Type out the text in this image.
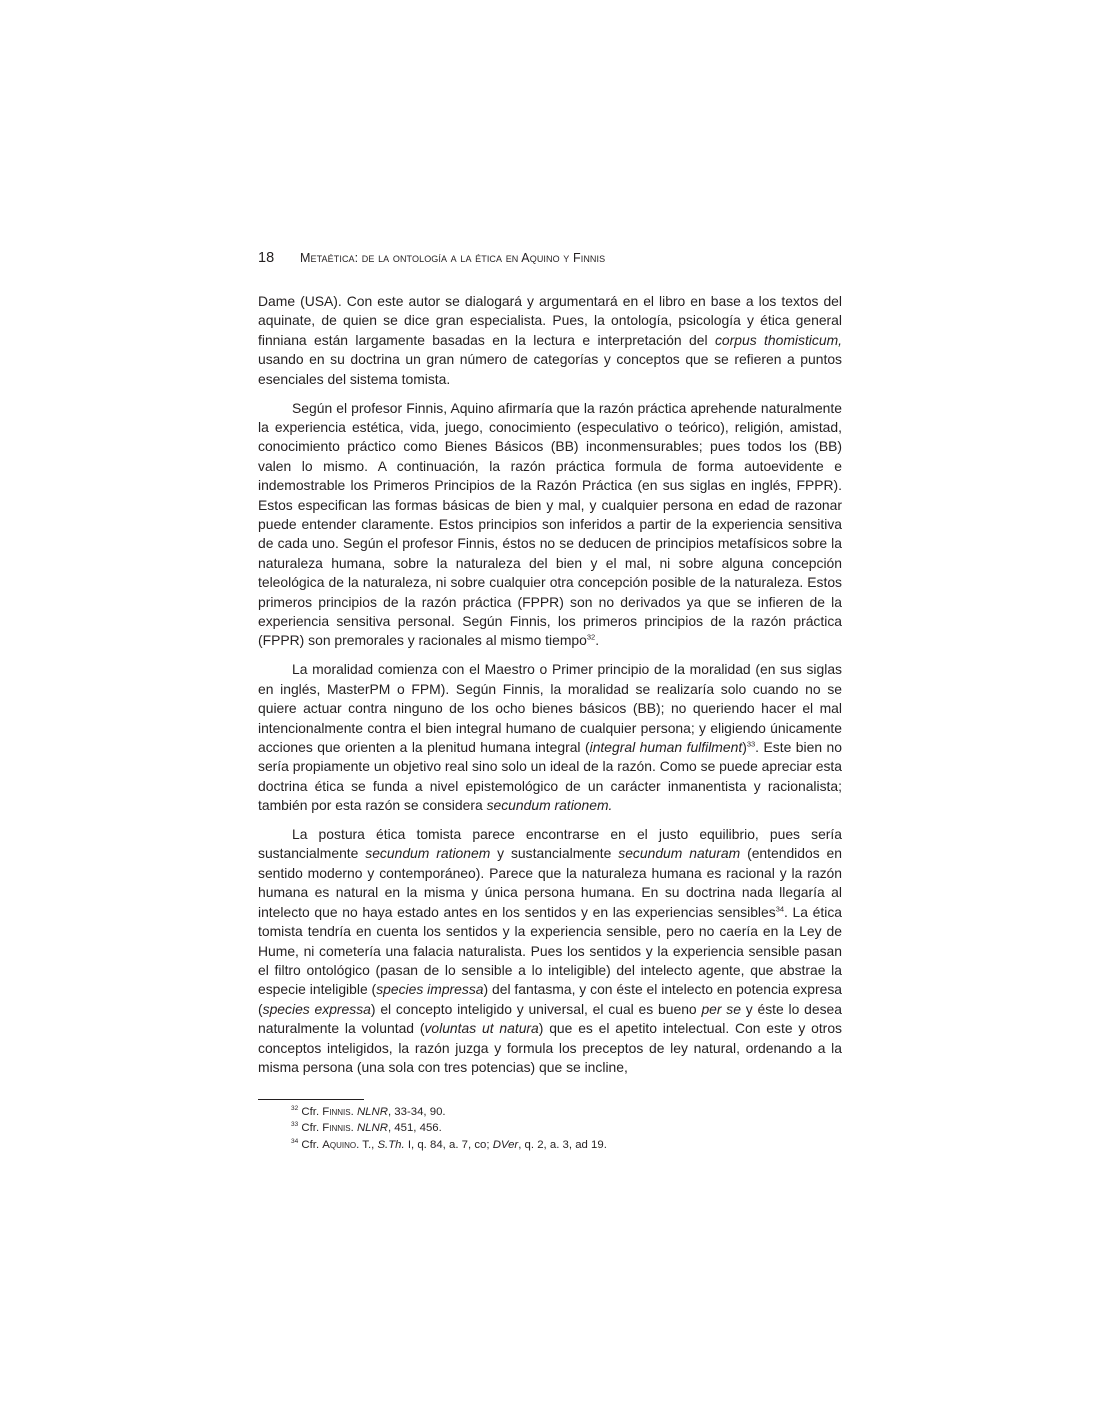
18	Metaética: de la ontología a la ética en Aquino y Finnis

Dame (USA). Con este autor se dialogará y argumentará en el libro en base a los textos del aquinate, de quien se dice gran especialista. Pues, la ontología, psicología y ética general finniana están largamente basadas en la lectura e interpretación del corpus thomisticum, usando en su doctrina un gran número de categorías y conceptos que se refieren a puntos esenciales del sistema tomista.

Según el profesor Finnis, Aquino afirmaría que la razón práctica aprehende naturalmente la experiencia estética, vida, juego, conocimiento (especulativo o teórico), religión, amistad, conocimiento práctico como Bienes Básicos (BB) inconmensurables; pues todos los (BB) valen lo mismo. A continuación, la razón práctica formula de forma autoevidente e indemostrable los Primeros Principios de la Razón Práctica (en sus siglas en inglés, FPPR). Estos especifican las formas básicas de bien y mal, y cualquier persona en edad de razonar puede entender claramente. Estos principios son inferidos a partir de la experiencia sensitiva de cada uno. Según el profesor Finnis, éstos no se deducen de principios metafísicos sobre la naturaleza humana, sobre la naturaleza del bien y el mal, ni sobre alguna concepción teleológica de la naturaleza, ni sobre cualquier otra concepción posible de la naturaleza. Estos primeros principios de la razón práctica (FPPR) son no derivados ya que se infieren de la experiencia sensitiva personal. Según Finnis, los primeros principios de la razón práctica (FPPR) son premorales y racionales al mismo tiempo$^{32}$.

La moralidad comienza con el Maestro o Primer principio de la moralidad (en sus siglas en inglés, MasterPM o FPM). Según Finnis, la moralidad se realizaría solo cuando no se quiere actuar contra ninguno de los ocho bienes básicos (BB); no queriendo hacer el mal intencionalmente contra el bien integral humano de cualquier persona; y eligiendo únicamente acciones que orienten a la plenitud humana integral (integral human fulfilment)$^{33}$. Este bien no sería propiamente un objetivo real sino solo un ideal de la razón. Como se puede apreciar esta doctrina ética se funda a nivel epistemológico de un carácter inmanentista y racionalista; también por esta razón se considera secundum rationem.

La postura ética tomista parece encontrarse en el justo equilibrio, pues sería sustancialmente secundum rationem y sustancialmente secundum naturam (entendidos en sentido moderno y contemporáneo). Parece que la naturaleza humana es racional y la razón humana es natural en la misma y única persona humana. En su doctrina nada llegaría al intelecto que no haya estado antes en los sentidos y en las experiencias sensibles$^{34}$. La ética tomista tendría en cuenta los sentidos y la experiencia sensible, pero no caería en la Ley de Hume, ni cometería una falacia naturalista. Pues los sentidos y la experiencia sensible pasan el filtro ontológico (pasan de lo sensible a lo inteligible) del intelecto agente, que abstrae la especie inteligible (species impressa) del fantasma, y con éste el intelecto en potencia expresa (species expressa) el concepto inteligido y universal, el cual es bueno per se y éste lo desea naturalmente la voluntad (voluntas ut natura) que es el apetito intelectual. Con este y otros conceptos inteligidos, la razón juzga y formula los preceptos de ley natural, ordenando a la misma persona (una sola con tres potencias) que se incline,

$^{32}$ Cfr. Finnis. NLNR, 33-34, 90.
$^{33}$ Cfr. Finnis. NLNR, 451, 456.
$^{34}$ Cfr. Aquino. T., S.Th. I, q. 84, a. 7, co; DVer, q. 2, a. 3, ad 19.
